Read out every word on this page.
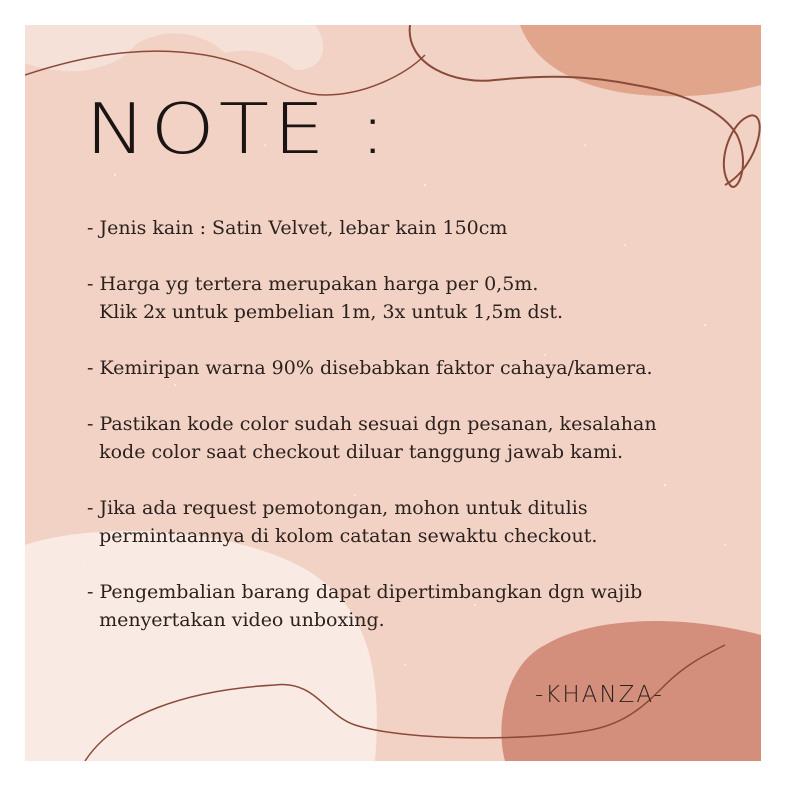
NOTE :
- Jenis kain : Satin Velvet, lebar kain 150cm
- Harga yg tertera merupakan harga per 0,5m.
Klik 2x untuk pembelian 1m, 3x untuk 1,5m dst.
- Kemiripan warna 90% disebabkan faktor cahaya/kamera.
- Pastikan kode color sudah sesuai dgn pesanan, kesalahan
kode color saat checkout diluar tanggung jawab kami.
- Jika ada request pemotongan, mohon untuk ditulis
permintaannya di kolom catatan sewaktu checkout.
- Pengembalian barang dapat dipertimbangkan dgn wajib
menyertakan video unboxing.
-KHANZA-
